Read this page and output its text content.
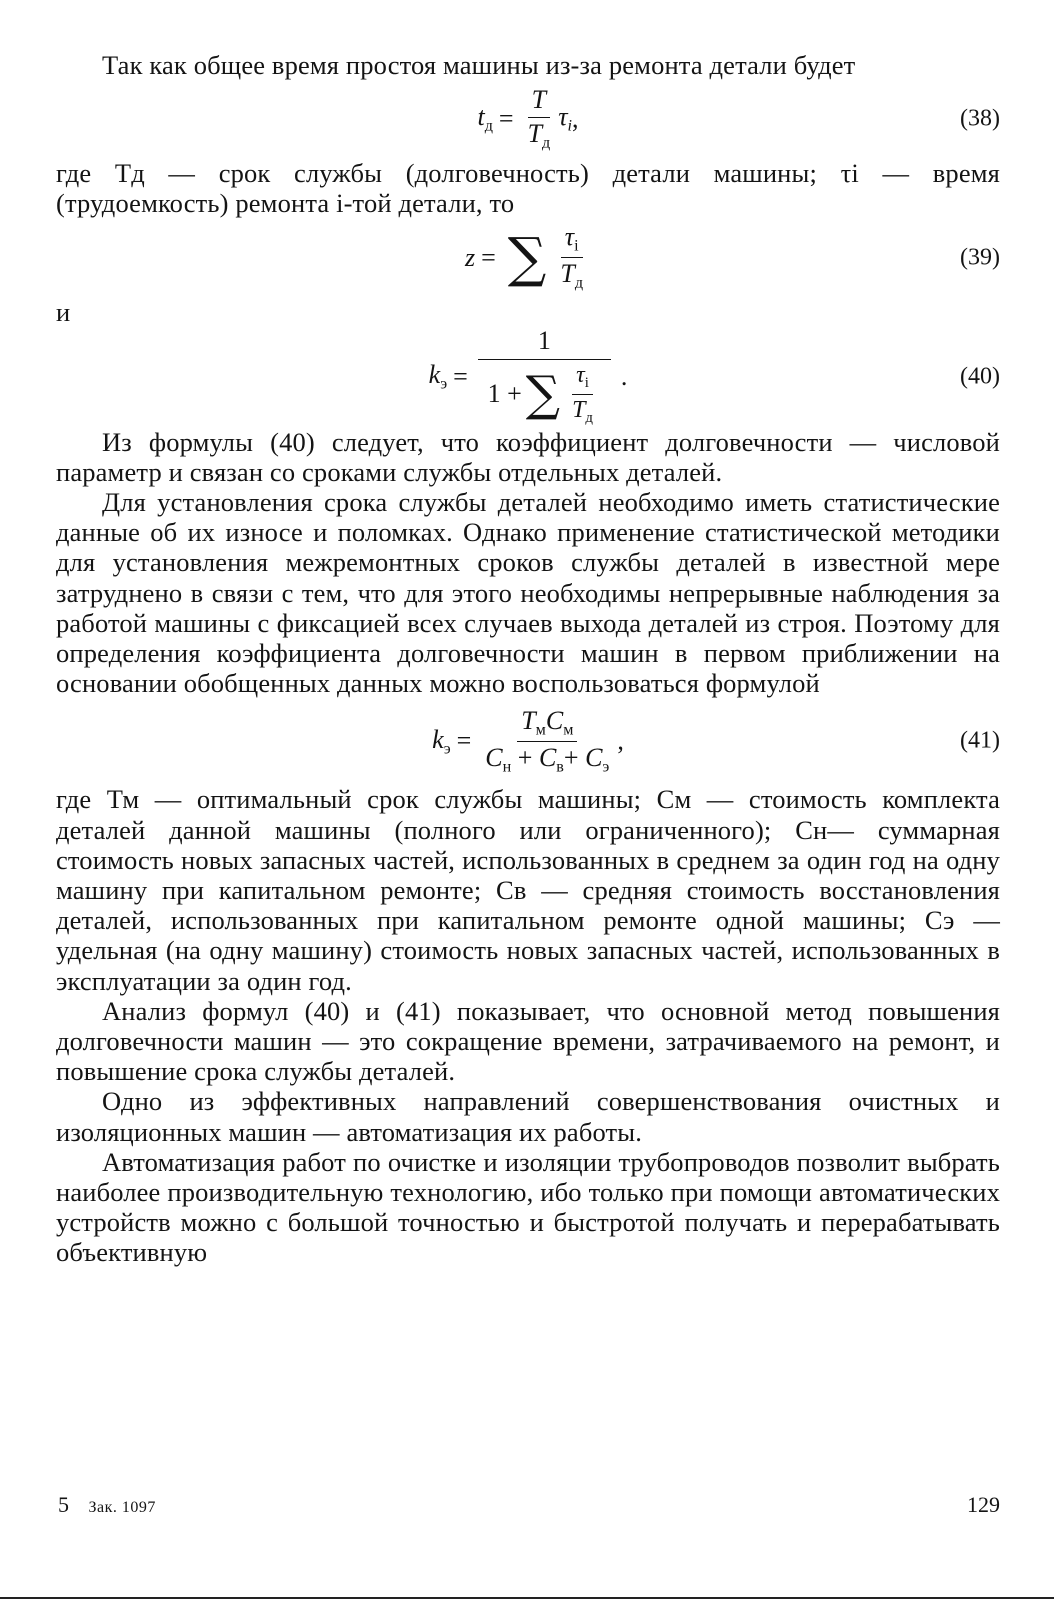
Так как общее время простоя машины из-за ремонта детали будет

$t_д = \frac{T}{T_д} \tau_i$ ,	(38)

где Тд — срок службы (долговечность) детали машины; τi — время (трудоемкость) ремонта i-той детали, то

z = ∑ $\frac{\tau_i}{T_д}$	(39)

и

$k_э = \frac{1}{1 + \sum \frac{\tau_i}{T_д}}$ .	(40)

Из формулы (40) следует, что коэффициент долговечности — числовой параметр и связан со сроками службы отдельных деталей.

Для установления срока службы деталей необходимо иметь статистические данные об их износе и поломках. Однако применение статистической методики для установления межремонтных сроков службы деталей в известной мере затруднено в связи с тем, что для этого необходимы непрерывные наблюдения за работой машины с фиксацией всех случаев выхода деталей из строя. Поэтому для определения коэффициента долговечности машин в первом приближении на основании обобщенных данных можно воспользоваться формулой

$k_э = \frac{T_мC_м}{C_н + C_в+ C_э}$ ,	(41)

где Тм — оптимальный срок службы машины; См — стоимость комплекта деталей данной машины (полного или ограниченного); Сн— суммарная стоимость новых запасных частей, использованных в среднем за один год на одну машину при капитальном ремонте; Св — средняя стоимость восстановления деталей, использованных при капитальном ремонте одной машины; Сэ — удельная (на одну машину) стоимость новых запасных частей, использованных в эксплуатации за один год.

Анализ формул (40) и (41) показывает, что основной метод повышения долговечности машин — это сокращение времени, затрачиваемого на ремонт, и повышение срока службы деталей.

Одно из эффективных направлений совершенствования очистных и изоляционных машин — автоматизация их работы.

Автоматизация работ по очистке и изоляции трубопроводов позволит выбрать наиболее производительную технологию, ибо только при помощи автоматических устройств можно с большой точностью и быстротой получать и перерабатывать объективную

5 Зак. 1097	129
